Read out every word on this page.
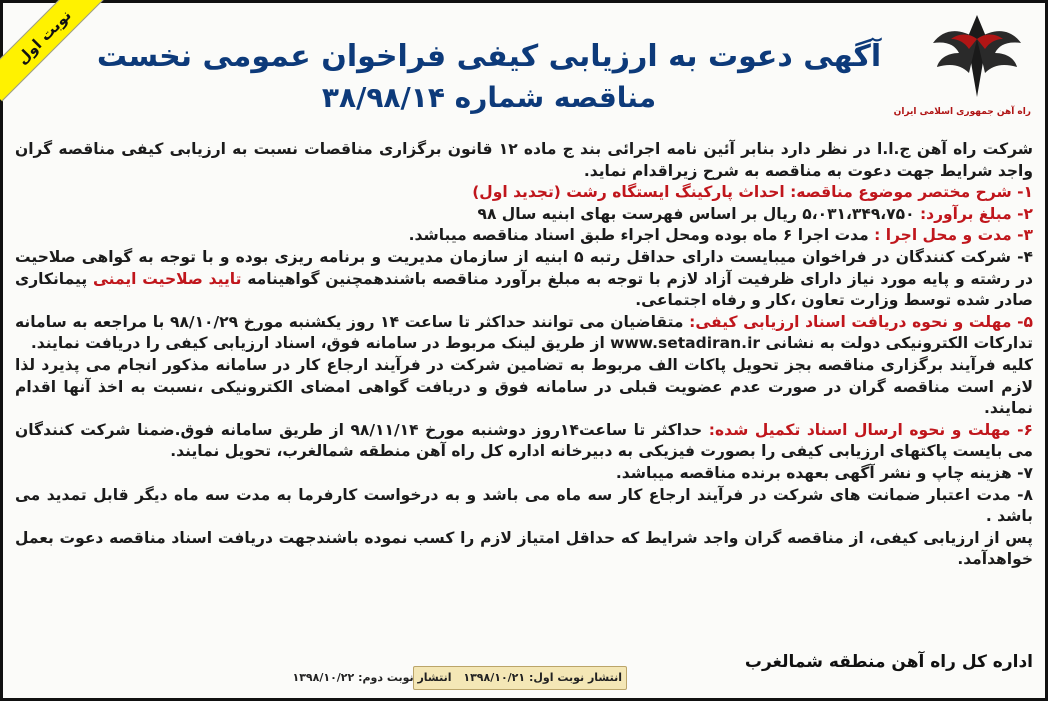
نوبت اول
راه آهن جمهوری اسلامی ایران
آگهی دعوت به ارزیابی کیفی فراخوان عمومی نخست
مناقصه شماره ۳۸/۹۸/۱۴

شرکت راه آهن ج.ا.ا در نظر دارد بنابر آئین نامه اجرائی بند ج ماده ۱۲ قانون برگزاری مناقصات نسبت به ارزیابی کیفی مناقصه گران واجد شرایط جهت دعوت به مناقصه به شرح زیراقدام نماید.

۱- شرح مختصر موضوع مناقصه: احداث پارکینگ ایستگاه رشت (تجدید اول)

۲- مبلغ برآورد: ۵،۰۳۱،۳۴۹،۷۵۰ ریال بر اساس فهرست بهای ابنیه سال ۹۸

۳- مدت و محل اجرا : مدت اجرا ۶ ماه بوده ومحل اجراء طبق اسناد مناقصه میباشد.

۴- شرکت کنندگان در فراخوان میبایست دارای حداقل رتبه ۵ ابنیه از سازمان مدیریت و برنامه ریزی بوده و با توجه به گواهی صلاحیت در رشته و پایه مورد نیاز دارای ظرفیت آزاد لازم با توجه به مبلغ برآورد مناقصه باشندهمچنین گواهینامه تایید صلاحیت ایمنی پیمانکاری صادر شده توسط وزارت تعاون ،کار و رفاه اجتماعی.

۵- مهلت و نحوه دریافت اسناد ارزیابی کیفی: متقاضیان می توانند حداکثر تا ساعت ۱۴ روز یکشنبه مورخ ۹۸/۱۰/۲۹ با مراجعه به سامانه تدارکات الکترونیکی دولت به نشانی www.setadiran.ir از طریق لینک مربوط در سامانه فوق، اسناد ارزیابی کیفی را دریافت نمایند.

کلیه فرآیند برگزاری مناقصه بجز تحویل پاکات الف مربوط به تضامین شرکت در فرآیند ارجاع کار در سامانه مذکور انجام می پذیرد لذا لازم است مناقصه گران در صورت عدم عضویت قبلی در سامانه فوق و دریافت گواهی امضای الکترونیکی ،نسبت به اخذ آنها اقدام نمایند.

۶- مهلت و نحوه ارسال اسناد تکمیل شده: حداکثر تا ساعت۱۴روز دوشنبه مورخ ۹۸/۱۱/۱۴ از طریق سامانه فوق.ضمنا شرکت کنندگان می بایست پاکتهای ارزیابی کیفی را بصورت فیزیکی به دبیرخانه اداره کل راه آهن منطقه شمالغرب، تحویل نمایند.

۷- هزینه چاپ و نشر آگهی بعهده برنده مناقصه میباشد.

۸- مدت اعتبار ضمانت های شرکت در فرآیند ارجاع کار سه ماه می باشد و به درخواست کارفرما به مدت سه ماه دیگر قابل تمدید می باشد .

پس از ارزیابی کیفی، از مناقصه گران واجد شرایط که حداقل امتیاز لازم را کسب نموده باشندجهت دریافت اسناد مناقصه دعوت بعمل خواهدآمد.

اداره کل راه آهن منطقه شمالغرب
انتشار نوبت اول: ۱۳۹۸/۱۰/۲۱ انتشار نوبت دوم: ۱۳۹۸/۱۰/۲۲
